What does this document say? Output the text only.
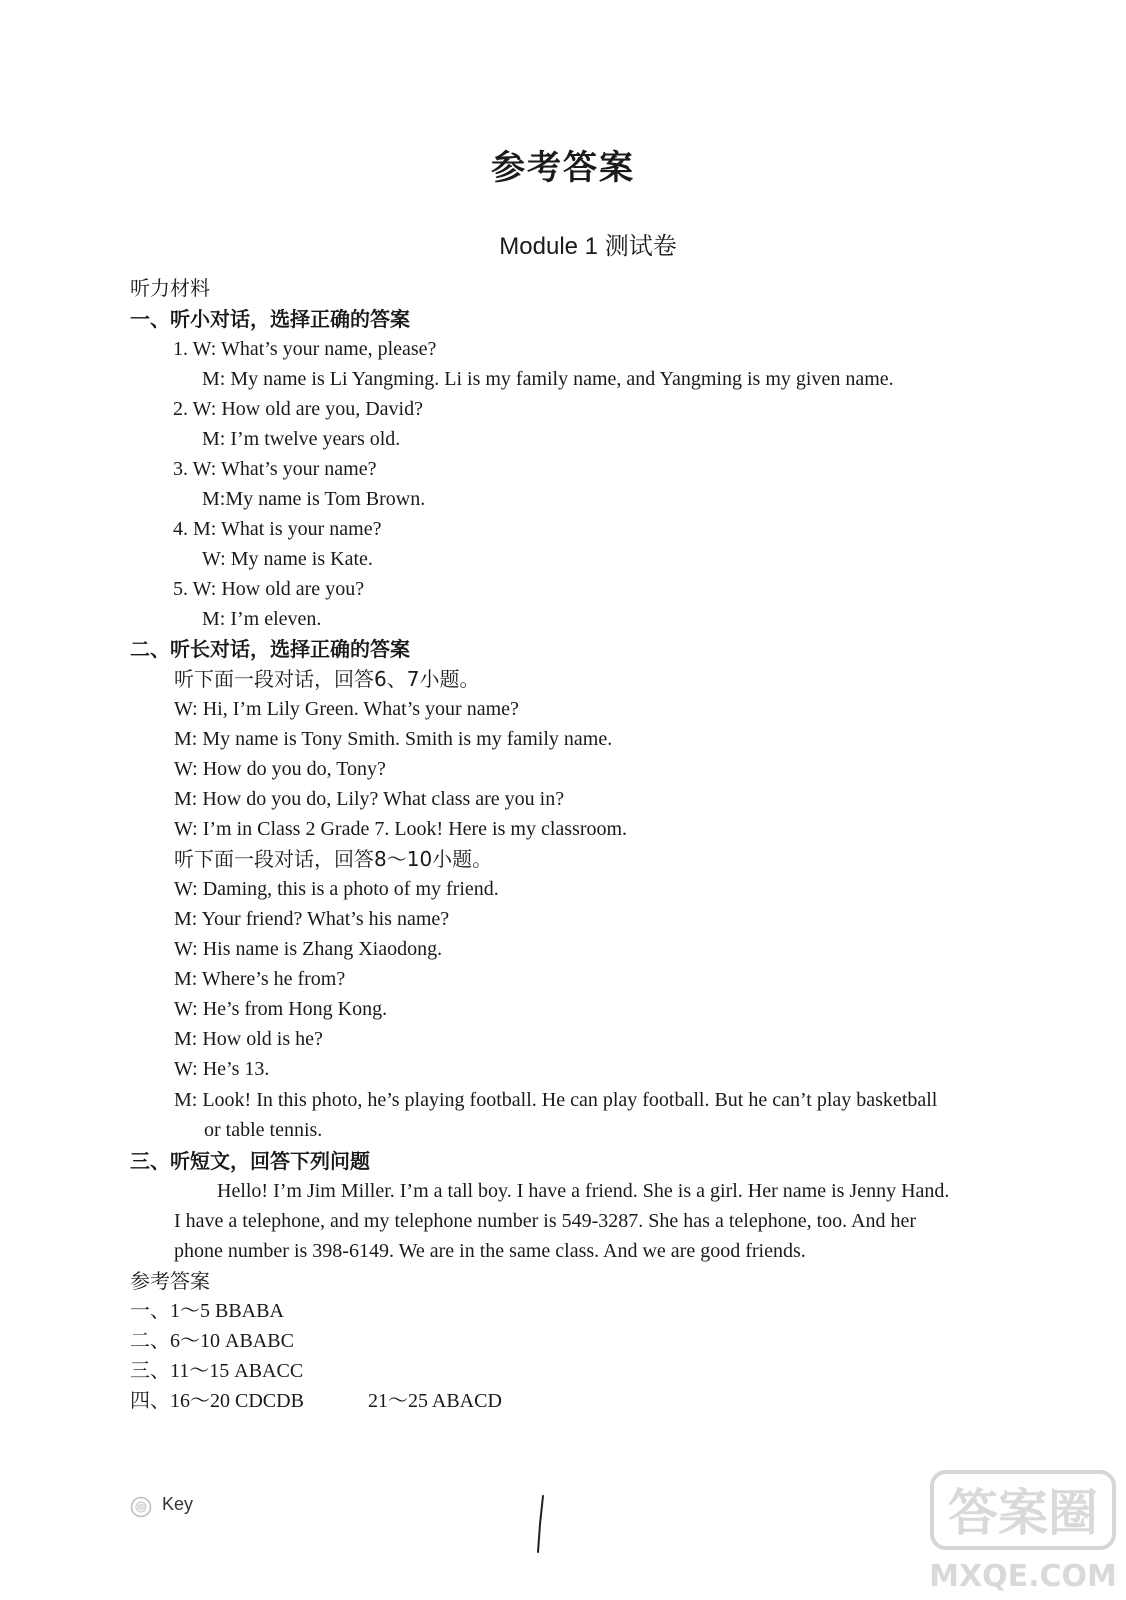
参考答案
Module 1 测试卷
听力材料
一、听小对话，选择正确的答案
1. W: What’s your name, please?
M: My name is Li Yangming. Li is my family name, and Yangming is my given name.
2. W: How old are you, David?
M: I’m twelve years old.
3. W: What’s your name?
M:My name is Tom Brown.
4. M: What is your name?
W: My name is Kate.
5. W: How old are you?
M: I’m eleven.
二、听长对话，选择正确的答案
听下面一段对话，回答6、7小题。
W: Hi, I’m Lily Green. What’s your name?
M: My name is Tony Smith. Smith is my family name.
W: How do you do, Tony?
M: How do you do, Lily? What class are you in?
W: I’m in Class 2 Grade 7. Look! Here is my classroom.
听下面一段对话，回答8～10小题。
W: Daming, this is a photo of my friend.
M: Your friend? What’s his name?
W: His name is Zhang Xiaodong.
M: Where’s he from?
W: He’s from Hong Kong.
M: How old is he?
W: He’s 13.
M: Look! In this photo, he’s playing football. He can play football. But he can’t play basketball
or table tennis.
三、听短文，回答下列问题
Hello! I’m Jim Miller. I’m a tall boy. I have a friend. She is a girl. Her name is Jenny Hand.
I have a telephone, and my telephone number is 549-3287. She has a telephone, too. And her
phone number is 398-6149. We are in the same class. And we are good friends.
参考答案
一、1～5 BBABA
二、6～10 ABABC
三、11～15 ABACC
四、16～20 CDCDB	21～25 ABACD
Key	答案圈
MXQE.COM
